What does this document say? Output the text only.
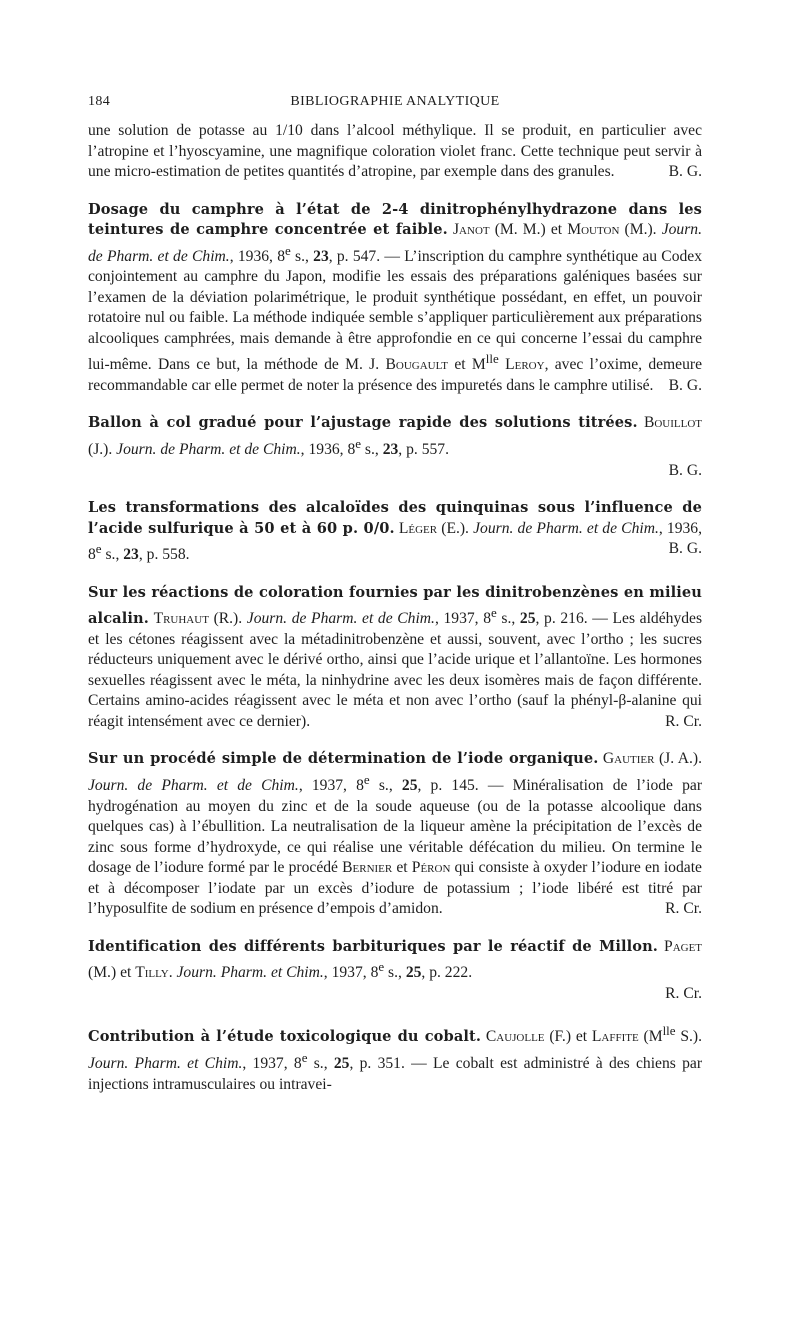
184	BIBLIOGRAPHIE ANALYTIQUE

une solution de potasse au 1/10 dans l’alcool méthylique. Il se produit, en particulier avec l’atropine et l’hyoscyamine, une magnifique coloration violet franc. Cette technique peut servir à une micro-estimation de petites quantités d’atropine, par exemple dans des granules.	B. G.

Dosage du camphre à l’état de 2-4 dinitrophénylhydrazone dans les teintures de camphre concentrée et faible. Janot (M. M.) et Mouton (M.). Journ. de Pharm. et de Chim., 1936, 8e s., 23, p. 547. — L’inscription du camphre synthétique au Codex conjointement au camphre du Japon, modifie les essais des préparations galéniques basées sur l’examen de la déviation polarimétrique, le produit synthétique possédant, en effet, un pouvoir rotatoire nul ou faible. La méthode indiquée semble s’appliquer particulièrement aux préparations alcooliques camphrées, mais demande à être approfondie en ce qui concerne l’essai du camphre lui-même. Dans ce but, la méthode de M. J. Bougault et $M^{lle}$ Leroy, avec l’oxime, demeure recommandable car elle permet de noter la présence des impuretés dans le camphre utilisé. B. G.

Ballon à col gradué pour l’ajustage rapide des solutions titrées. Bouillot (J.). Journ. de Pharm. et de Chim., 1936, 8e s., 23, p. 557.

B. G.

Les transformations des alcaloïdes des quinquinas sous l’influence de l’acide sulfurique à 50 et à 60 p. 0/0. Léger (E.). Journ. de Pharm. et de Chim., 1936, 8e s., 23, p. 558.	B. G.

Sur les réactions de coloration fournies par les dinitrobenzènes en milieu alcalin. Truhaut (R.). Journ. de Pharm. et de Chim., 1937, 8e s., 25, p. 216. — Les aldéhydes et les cétones réagissent avec la métadinitrobenzène et aussi, souvent, avec l’ortho ; les sucres réducteurs uniquement avec le dérivé ortho, ainsi que l’acide urique et l’allantoïne. Les hormones sexuelles réagissent avec le méta, la ninhydrine avec les deux isomères mais de façon différente. Certains amino-acides réagissent avec le méta et non avec l’ortho (sauf la phényl-β-alanine qui réagit intensément avec ce dernier).	R. Cr.

Sur un procédé simple de détermination de l’iode organique. Gautier (J. A.). Journ. de Pharm. et de Chim., 1937, 8e s., 25, p. 145. — Minéralisation de l’iode par hydrogénation au moyen du zinc et de la soude aqueuse (ou de la potasse alcoolique dans quelques cas) à l’ébullition. La neutralisation de la liqueur amène la précipitation de l’excès de zinc sous forme d’hydroxyde, ce qui réalise une véritable défécation du milieu. On termine le dosage de l’iodure formé par le procédé Bernier et Péron qui consiste à oxyder l’iodure en iodate et à décomposer l’iodate par un excès d’iodure de potassium ; l’iode libéré est titré par l’hyposulfite de sodium en présence d’empois d’amidon.	R. Cr.

Identification des différents barbituriques par le réactif de Millon. Paget (M.) et Tilly. Journ. Pharm. et Chim., 1937, 8e s., 25, p. 222.

R. Cr.

Contribution à l’étude toxicologique du cobalt. Caujolle (F.) et Laffite ($M^{lle}$ S.). Journ. Pharm. et Chim., 1937, 8e s., 25, p. 351. — Le cobalt est administré à des chiens par injections intramusculaires ou intravei-
